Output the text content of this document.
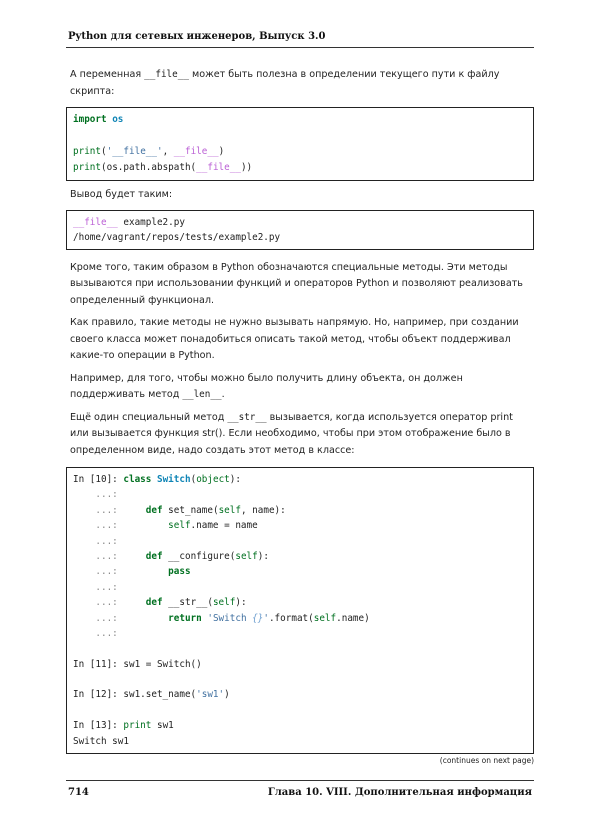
Python для сетевых инженеров, Выпуск 3.0
А переменная __file__ может быть полезна в определении текущего пути к файлу скрипта:
import os
print('__file__', __file__)
print(os.path.abspath(__file__))
Вывод будет таким:
__file__ example2.py
/home/vagrant/repos/tests/example2.py
Кроме того, таким образом в Python обозначаются специальные методы. Эти методы вызываются при использовании функций и операторов Python и позволяют реализовать определенный функционал.
Как правило, такие методы не нужно вызывать напрямую. Но, например, при создании своего класса может понадобиться описать такой метод, чтобы объект поддерживал какие-то операции в Python.
Например, для того, чтобы можно было получить длину объекта, он должен поддерживать метод __len__.
Ещё один специальный метод __str__ вызывается, когда используется оператор print или вызывается функция str(). Если необходимо, чтобы при этом отображение было в определенном виде, надо создать этот метод в классе:
In [10]: class Switch(object):
...:
...:	def set_name(self, name):
...:	self.name = name
...:
...:	def __configure(self):
...:	pass
...:
...:	def __str__(self):
...:	return 'Switch {}'.format(self.name)
...:
In [11]: sw1 = Switch()
In [12]: sw1.set_name('sw1')
In [13]: print sw1
Switch sw1
(continues on next page)
714	Глава 10. VIII. Дополнительная информация
